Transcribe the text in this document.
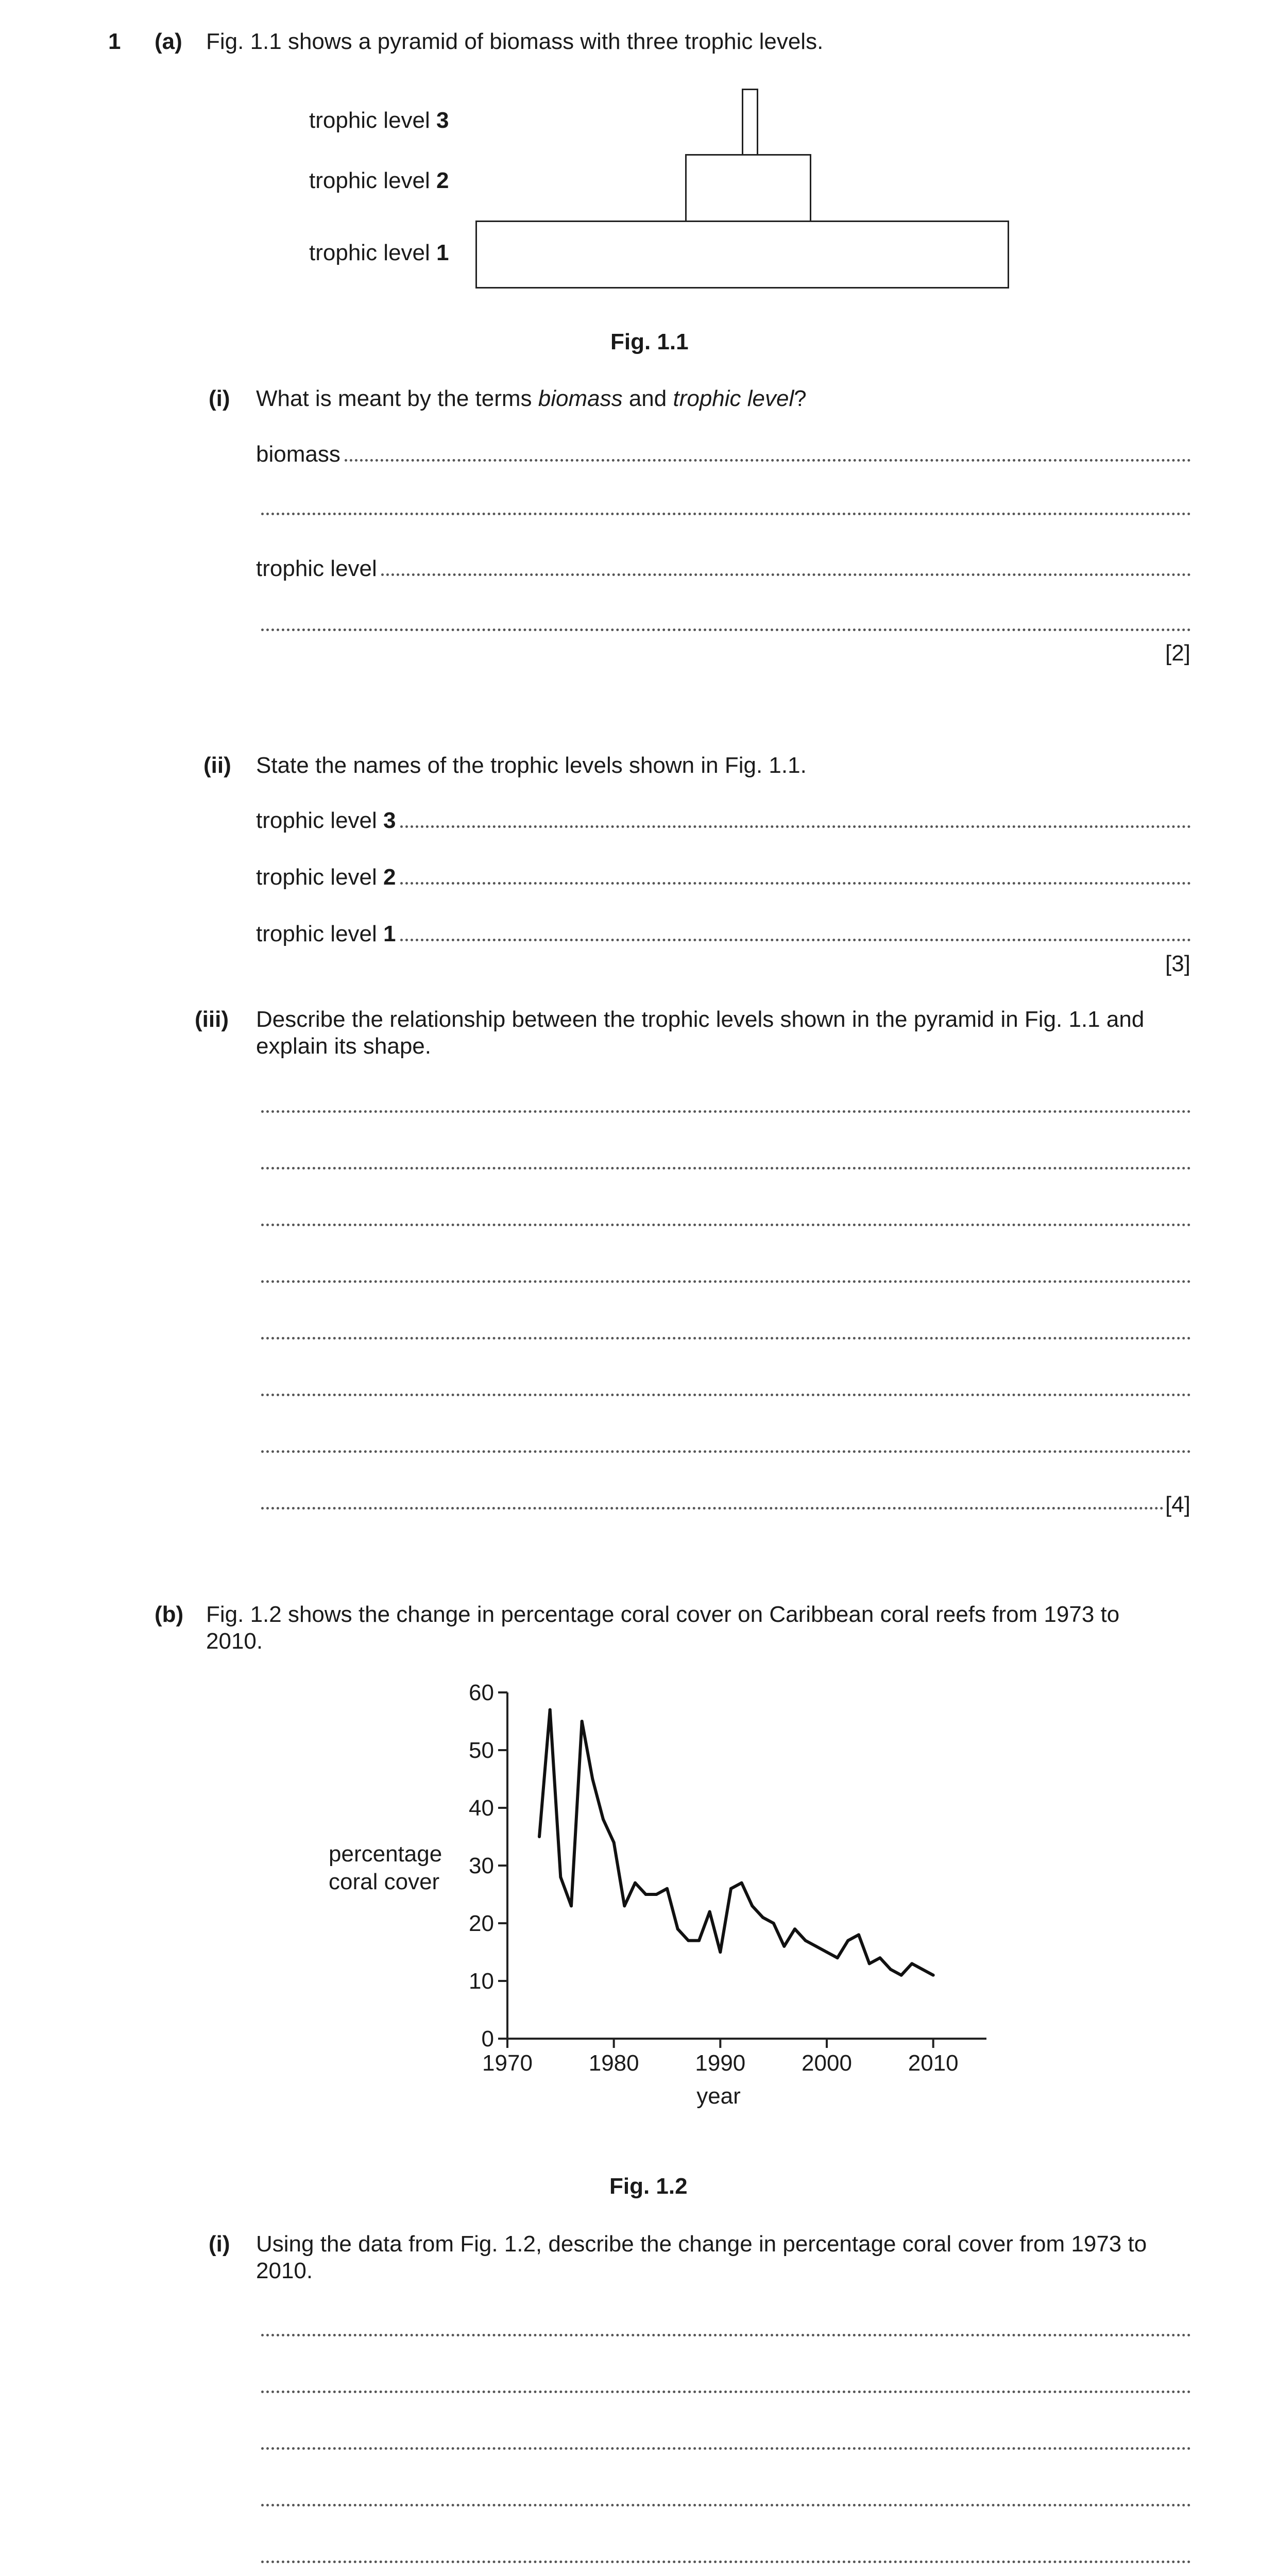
1 (a) Fig. 1.1 shows a pyramid of biomass with three trophic levels.
trophic level 3
trophic level 2
trophic level 1
Fig. 1.1
(i) What is meant by the terms biomass and trophic level?
biomass
trophic level
[2]
(ii) State the names of the trophic levels shown in Fig. 1.1.
trophic level 3
trophic level 2
trophic level 1
[3]
(iii) Describe the relationship between the trophic levels shown in the pyramid in Fig. 1.1 and
explain its shape.
[4]
(b) Fig. 1.2 shows the change in percentage coral cover on Caribbean coral reefs from 1973 to
2010.
percentage
coral cover
0
10
20
30
40
50
60
1970 1980 1990 2000 2010
year
Fig. 1.2
(i) Using the data from Fig. 1.2, describe the change in percentage coral cover from 1973 to
2010.
